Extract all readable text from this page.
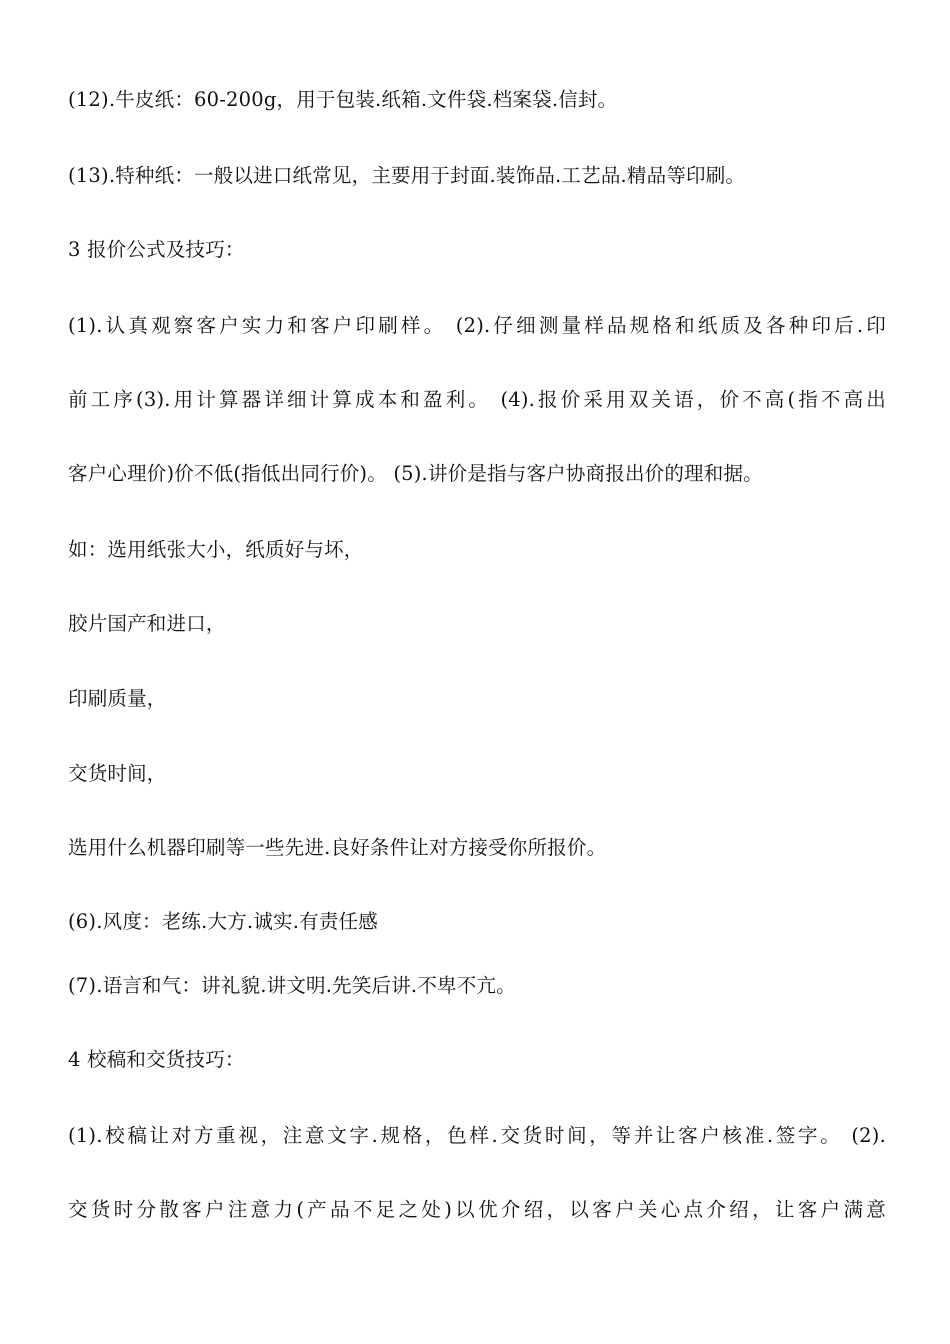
(12).牛皮纸：60-200g，用于包装.纸箱.文件袋.档案袋.信封。
(13).特种纸：一般以进口纸常见，主要用于封面.装饰品.工艺品.精品等印刷。
3 报价公式及技巧：
(1).认真观察客户实力和客户印刷样。 (2).仔细测量样品规格和纸质及各种印后.印
前工序(3).用计算器详细计算成本和盈利。 (4).报价采用双关语，价不高(指不高出
客户心理价)价不低(指低出同行价)。 (5).讲价是指与客户协商报出价的理和据。
如：选用纸张大小，纸质好与坏，
胶片国产和进口，
印刷质量，
交货时间，
选用什么机器印刷等一些先进.良好条件让对方接受你所报价。
(6).风度：老练.大方.诚实.有责任感
(7).语言和气：讲礼貌.讲文明.先笑后讲.不卑不亢。
4 校稿和交货技巧：
(1).校稿让对方重视，注意文字.规格，色样.交货时间，等并让客户核准.签字。 (2).
交货时分散客户注意力(产品不足之处)以优介绍，以客户关心点介绍，让客户满意
